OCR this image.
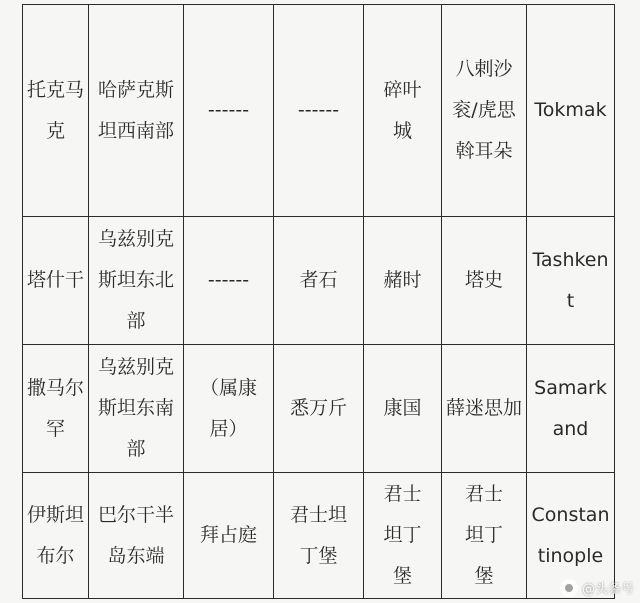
托克马克	哈萨克斯坦西南部	------	------	碎叶城	八剌沙衮/虎思斡耳朵	Tokmak

塔什干	乌兹别克斯坦东北部	------	者石	赭时	塔史	Tashkent

撒马尔罕	乌兹别克斯坦东南部	（属康居）	悉万斤	康国	薛迷思加	Samarkand

伊斯坦布尔	巴尔干半岛东端	拜占庭	君士坦丁堡	君士坦丁堡	君士坦丁堡	Constantinople
@头条号
